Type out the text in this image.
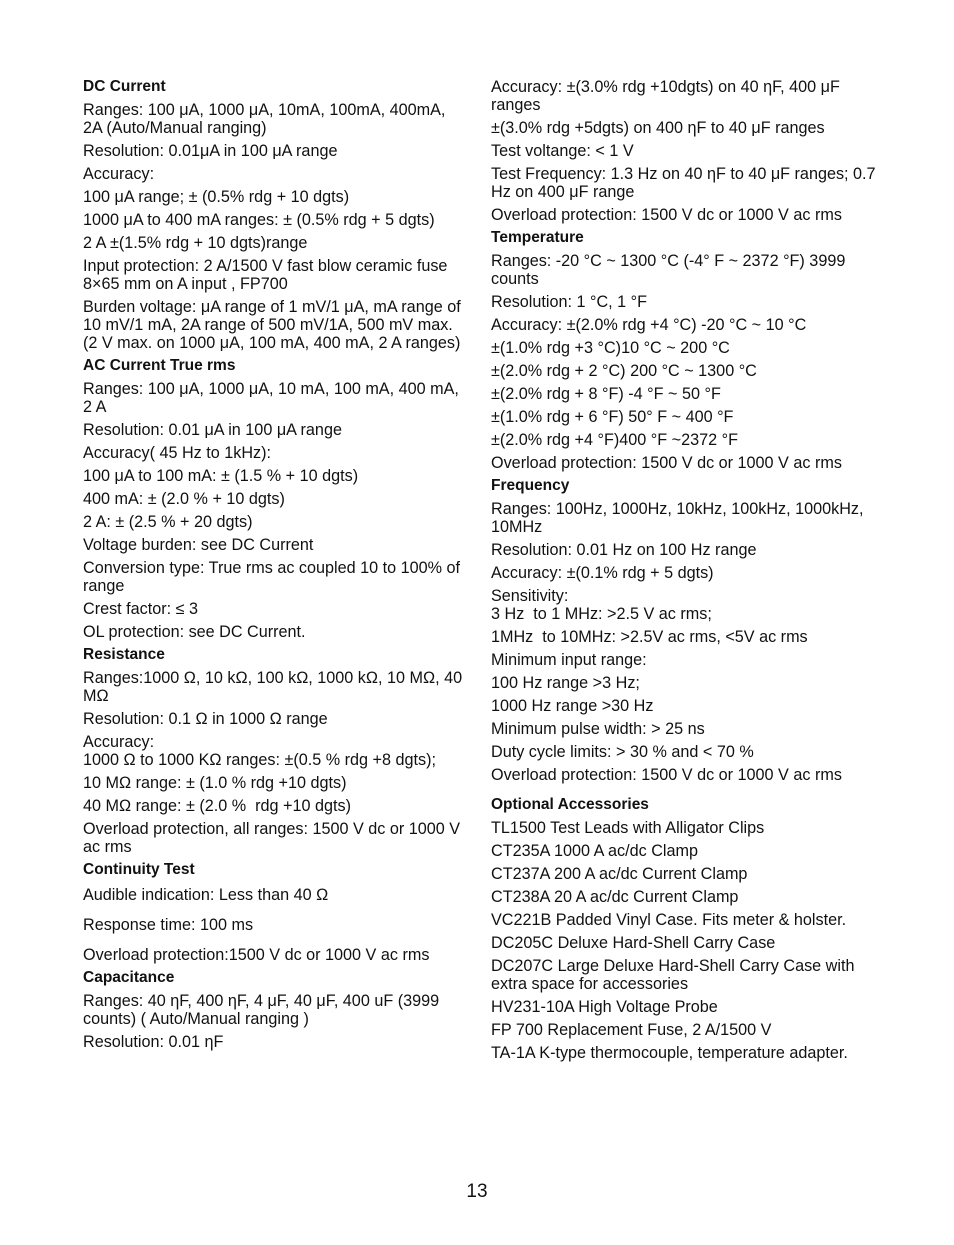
DC Current
Ranges: 100 μA, 1000 μA, 10mA, 100mA, 400mA, 2A (Auto/Manual ranging)
Resolution: 0.01μA in 100 μA range
Accuracy:
100 μA range; ± (0.5% rdg + 10 dgts)
1000 μA to 400 mA ranges: ± (0.5% rdg + 5 dgts)
2 A ±(1.5% rdg + 10 dgts)range
Input protection: 2 A/1500 V fast blow ceramic fuse 8×65 mm on A input , FP700
Burden voltage: μA range of 1 mV/1 μA, mA range of 10 mV/1 mA, 2A range of 500 mV/1A, 500 mV max. (2 V max. on 1000 μA, 100 mA, 400 mA, 2 A ranges)
AC Current True rms
Ranges: 100 μA, 1000 μA, 10 mA, 100 mA, 400 mA, 2 A
Resolution: 0.01 μA in 100 μA range
Accuracy( 45 Hz to 1kHz):
100 μA to 100 mA: ± (1.5 % + 10 dgts)
400 mA: ± (2.0 % + 10 dgts)
2 A: ± (2.5 % + 20 dgts)
Voltage burden: see DC Current
Conversion type: True rms ac coupled 10 to 100% of range
Crest factor: ≤ 3
OL protection: see DC Current.
Resistance
Ranges:1000 Ω, 10 kΩ, 100 kΩ, 1000 kΩ, 10 MΩ, 40 MΩ
Resolution: 0.1 Ω in 1000 Ω range
Accuracy:
1000 Ω to 1000 KΩ ranges: ±(0.5 % rdg +8 dgts);
10 MΩ range: ± (1.0 % rdg +10 dgts)
40 MΩ range: ± (2.0 %  rdg +10 dgts)
Overload protection, all ranges: 1500 V dc or 1000 V ac rms
Continuity Test
Audible indication: Less than 40 Ω
Response time: 100 ms
Overload protection:1500 V dc or 1000 V ac rms
Capacitance
Ranges: 40 ηF, 400 ηF, 4 μF, 40 μF, 400 uF (3999 counts) ( Auto/Manual ranging )
Resolution: 0.01 ηF
Accuracy: ±(3.0% rdg +10dgts) on 40 ηF, 400 μF ranges
±(3.0% rdg +5dgts) on 400 ηF to 40 μF ranges
Test voltange: < 1 V
Test Frequency: 1.3 Hz on 40 ηF to 40 μF ranges; 0.7 Hz on 400 μF range
Overload protection: 1500 V dc or 1000 V ac rms
Temperature
Ranges: -20 °C ~ 1300 °C (-4° F ~ 2372 °F) 3999 counts
Resolution: 1 °C, 1 °F
Accuracy: ±(2.0% rdg +4 °C) -20 °C ~ 10 °C
±(1.0% rdg +3 °C)10 °C ~ 200 °C
±(2.0% rdg + 2 °C) 200 °C ~ 1300 °C
±(2.0% rdg + 8 °F) -4 °F ~ 50 °F
±(1.0% rdg + 6 °F) 50° F ~ 400 °F
±(2.0% rdg +4 °F)400 °F ~2372 °F
Overload protection: 1500 V dc or 1000 V ac rms
Frequency
Ranges: 100Hz, 1000Hz, 10kHz, 100kHz, 1000kHz, 10MHz
Resolution: 0.01 Hz on 100 Hz range
Accuracy: ±(0.1% rdg + 5 dgts)
Sensitivity:
3 Hz  to 1 MHz: >2.5 V ac rms;
1MHz  to 10MHz: >2.5V ac rms, <5V ac rms
Minimum input range:
100 Hz range >3 Hz;
1000 Hz range >30 Hz
Minimum pulse width: > 25 ns
Duty cycle limits: > 30 % and < 70 %
Overload protection: 1500 V dc or 1000 V ac rms
Optional Accessories
TL1500 Test Leads with Alligator Clips
CT235A 1000 A ac/dc Clamp
CT237A 200 A ac/dc Current Clamp
CT238A 20 A ac/dc Current Clamp
VC221B Padded Vinyl Case. Fits meter & holster.
DC205C Deluxe Hard-Shell Carry Case
DC207C Large Deluxe Hard-Shell Carry Case with extra space for accessories
HV231-10A High Voltage Probe
FP 700 Replacement Fuse, 2 A/1500 V
TA-1A K-type thermocouple, temperature adapter.
13
